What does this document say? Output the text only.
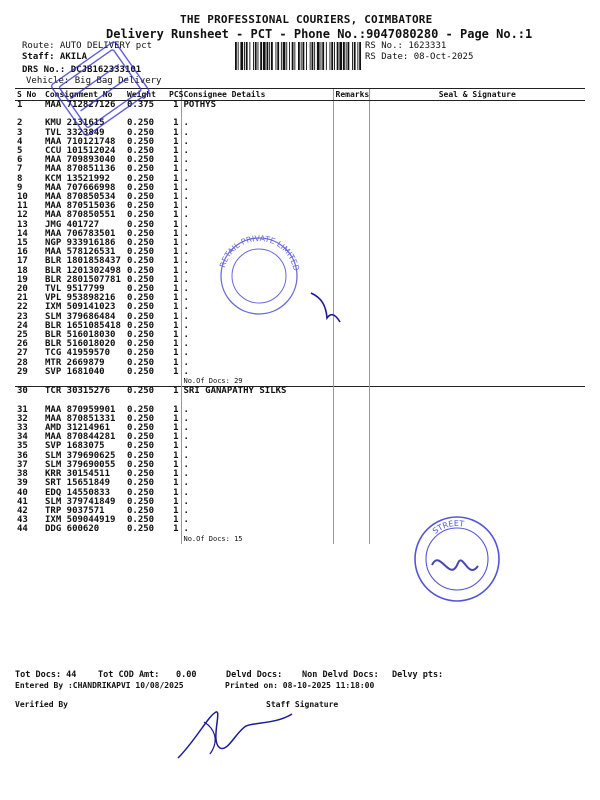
THE PROFESSIONAL COURIERS, COIMBATORE
Delivery Runsheet - PCT - Phone No.:9047080280 - Page No.:1
Route: AUTO DELIVERY pct
Staff: AKILA
DRS No.: DCJB162333101
Vehicle: Big Bag Delivery
RS No.: 1623331
RS Date: 08-Oct-2025
S No	Consignment No	Weight	PCS	Consignee Details	Remarks	Seal & Signature
1	MAA 712827126	0.375	1	POTHYS		

2	KMU 2131615	0.250	1	.		
3	TVL 3323849	0.250	1	.		
4	MAA 710121748	0.250	1	.		
5	CCU 101512024	0.250	1	.		
6	MAA 709893040	0.250	1	.		
7	MAA 870851136	0.250	1	.		
8	KCM 13521992	0.250	1	.		
9	MAA 707666998	0.250	1	.		
10	MAA 870850534	0.250	1	.		
11	MAA 870515036	0.250	1	.		
12	MAA 870850551	0.250	1	.		
13	JMG 401727	0.250	1	.		
14	MAA 706783501	0.250	1	.		
15	NGP 933916186	0.250	1	.		
16	MAA 578126531	0.250	1	.		
17	BLR 1801858437	0.250	1	.		
18	BLR 1201302498	0.250	1	.		
19	BLR 2801507781	0.250	1	.		
20	TVL 9517799	0.250	1	.		
21	VPL 953898216	0.250	1	.		
22	IXM 509141023	0.250	1	.		
23	SLM 379686484	0.250	1	.		
24	BLR 1651085418	0.250	1	.		
25	BLR 516018030	0.250	1	.		
26	BLR 516018020	0.250	1	.		
27	TCG 41959570	0.250	1	.		
28	MTR 2669879	0.250	1	.		
29	SVP 1681040	0.250	1	.		
				No.Of Docs: 29		
30	TCR 30315276	0.250	1	SRI GANAPATHY SILKS		

31	MAA 870959901	0.250	1	.		
32	MAA 870851331	0.250	1	.		
33	AMD 31214961	0.250	1	.		
34	MAA 870844281	0.250	1	.		
35	SVP 1683075	0.250	1	.		
36	SLM 379690625	0.250	1	.		
37	SLM 379690055	0.250	1	.		
38	KRR 30154511	0.250	1	.		
39	SRT 15651849	0.250	1	.		
40	EDQ 14550833	0.250	1	.		
41	SLM 379741849	0.250	1	.		
42	TRP 9037571	0.250	1	.		
43	IXM 509044919	0.250	1	.		
44	DDG 600620	0.250	1	.		
				No.Of Docs: 15		
Tot Docs: 44	Tot COD Amt: 0.00	Delvd Docs: Non Delvd Docs: Delvy pts:
Entered By :CHANDRIKAPVI 10/08/2025	Printed on: 08-10-2025 11:18:00
Verified By	Staff Signature
RETAIL PRIVATE LIMITED
STREET
